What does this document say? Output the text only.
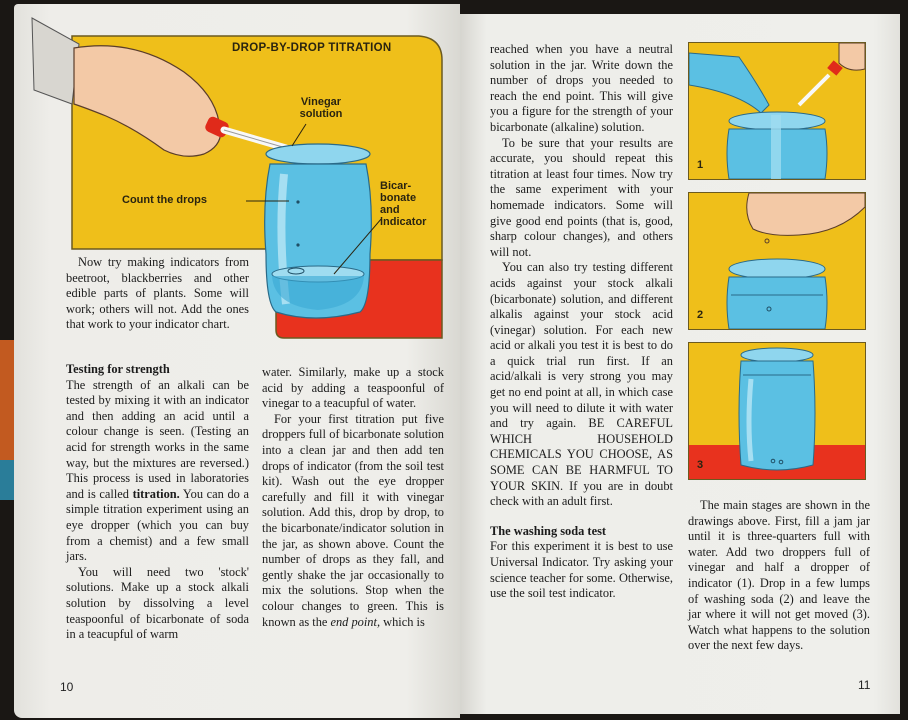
DROP-BY-DROP TITRATION
Vinegar solution
Count the drops
Bicar- bonate and indicator

Now try making indicators from beetroot, blackberries and other edible parts of plants. Some will work; others will not. Add the ones that work to your indicator chart.

Testing for strength

The strength of an alkali can be tested by mixing it with an indicator and then adding an acid until a colour change is seen. (Testing an acid for strength works in the same way, but the mixtures are reversed.) This process is used in laboratories and is called titration. You can do a simple titration experiment using an eye dropper (which you can buy from a chemist) and a few small jars.

You will need two 'stock' solutions. Make up a stock alkali solution by dissolving a level teaspoonful of bicarbonate of soda in a teacupful of warm

water. Similarly, make up a stock acid by adding a teaspoonful of vinegar to a teacupful of water.

For your first titration put five droppers full of bicarbonate solution into a clean jar and then add ten drops of indicator (from the soil test kit). Wash out the eye dropper carefully and fill it with vinegar solution. Add this, drop by drop, to the bicarbonate/indicator solution in the jar, as shown above. Count the number of drops as they fall, and gently shake the jar occasionally to mix the solutions. Stop when the colour changes to green. This is known as the end point, which is

10

reached when you have a neutral solution in the jar. Write down the number of drops you needed to reach the end point. This will give you a figure for the strength of your bicarbonate (alkaline) solution.

To be sure that your results are accurate, you should repeat this titration at least four times. Now try the same experiment with your homemade indicators. Some will give good end points (that is, good, sharp colour changes), and others will not.

You can also try testing different acids against your stock alkali (bicarbonate) solution, and different alkalis against your stock acid (vinegar) solution. For each new acid or alkali you test it is best to do a quick trial run first. If an acid/alkali is very strong you may get no end point at all, in which case you will need to dilute it with water and try again. BE CAREFUL WHICH HOUSEHOLD CHEMICALS YOU CHOOSE, AS SOME CAN BE HARMFUL TO YOUR SKIN. If you are in doubt check with an adult first.

The washing soda test

For this experiment it is best to use Universal Indicator. Try asking your science teacher for some. Otherwise, use the soil test indicator.

1
2
3

The main stages are shown in the drawings above. First, fill a jam jar until it is three-quarters full with water. Add two droppers full of vinegar and half a dropper of indicator (1). Drop in a few lumps of washing soda (2) and leave the jar where it will not get moved (3). Watch what happens to the solution over the next few days.

11
